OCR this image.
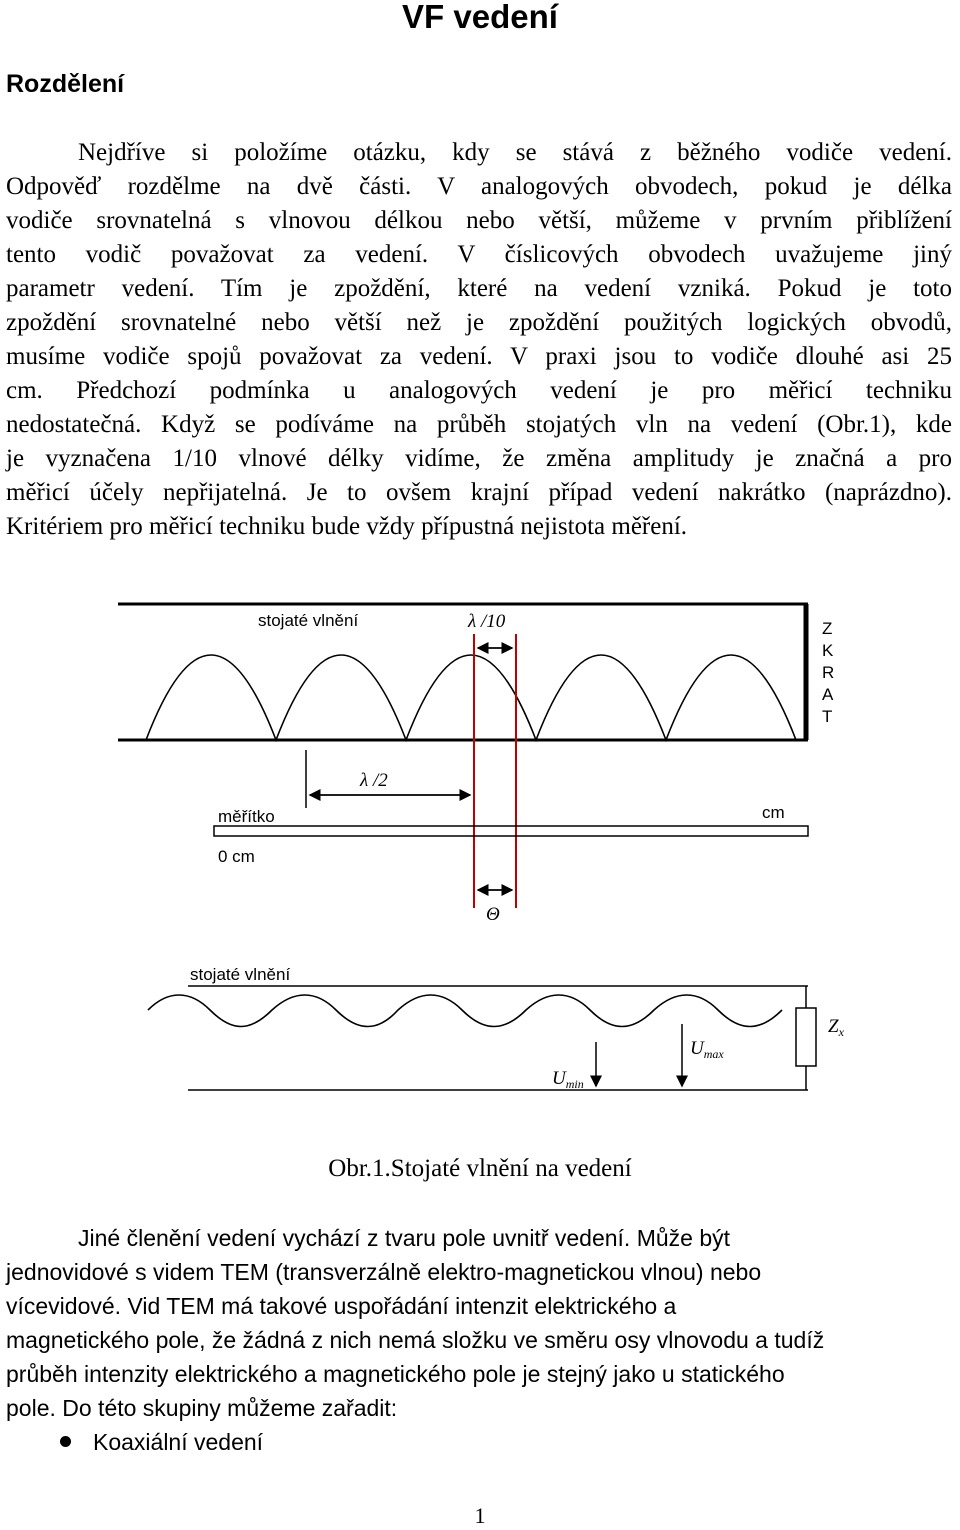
VF vedení
Rozdělení
Nejdříve si položíme otázku, kdy se stává z běžného vodiče vedení.
Odpověď rozdělme na dvě části. V analogových obvodech, pokud je délka
vodiče srovnatelná s vlnovou délkou nebo větší, můžeme v prvním přiblížení
tento vodič považovat za vedení. V číslicových obvodech uvažujeme jiný
parametr vedení. Tím je zpoždění, které na vedení vzniká. Pokud je toto
zpoždění srovnatelné nebo větší než je zpoždění použitých logických obvodů,
musíme vodiče spojů považovat za vedení. V praxi jsou to vodiče dlouhé asi 25
cm. Předchozí podmínka u analogových vedení je pro měřicí techniku
nedostatečná. Když se podíváme na průběh stojatých vln na vedení (Obr.1), kde
je vyznačena 1/10 vlnové délky vidíme, že změna amplitudy je značná a pro
měřicí účely nepřijatelná. Je to ovšem krajní případ vedení nakrátko (naprázdno).
Kritériem pro měřicí techniku bude vždy přípustná nejistota měření.
stojaté vlnění	λ /10	Z
K
R
A
T
λ /2
měřítko	cm
0 cm
Θ
stojaté vlnění
$Z_x$
$U_{min}$
$U_{max}$
Obr.1.Stojaté vlnění na vedení
Jiné členění vedení vychází z tvaru pole uvnitř vedení. Může být
jednovidové s videm TEM (transverzálně elektro-magnetickou vlnou) nebo
vícevidové. Vid TEM má takové uspořádání intenzit elektrického a
magnetického pole, že žádná z nich nemá složku ve směru osy vlnovodu a tudíž
průběh intenzity elektrického a magnetického pole je stejný jako u statického
pole. Do této skupiny můžeme zařadit:
Koaxiální vedení
1
